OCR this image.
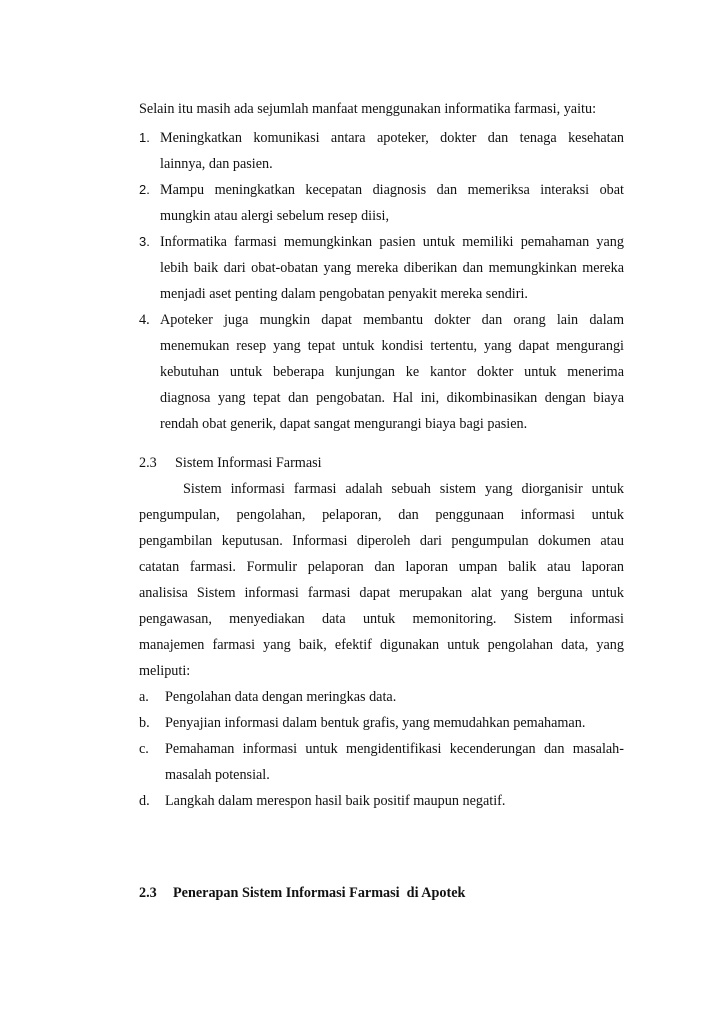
Selain itu masih ada sejumlah manfaat menggunakan informatika farmasi, yaitu:
1. Meningkatkan komunikasi antara apoteker, dokter dan tenaga kesehatan
lainnya, dan pasien.
2. Mampu meningkatkan kecepatan diagnosis dan memeriksa interaksi obat
mungkin atau alergi sebelum resep diisi,
3. Informatika farmasi memungkinkan pasien untuk memiliki pemahaman yang
lebih baik dari obat-obatan yang mereka diberikan dan memungkinkan mereka
menjadi aset penting dalam pengobatan penyakit mereka sendiri.
4. Apoteker juga mungkin dapat membantu dokter dan orang lain dalam
menemukan resep yang tepat untuk kondisi tertentu, yang dapat mengurangi
kebutuhan untuk beberapa kunjungan ke kantor dokter untuk menerima
diagnosa yang tepat dan pengobatan. Hal ini, dikombinasikan dengan biaya
rendah obat generik, dapat sangat mengurangi biaya bagi pasien.
2.3 Sistem Informasi Farmasi
Sistem informasi farmasi adalah sebuah sistem yang diorganisir untuk
pengumpulan, pengolahan, pelaporan, dan penggunaan informasi untuk
pengambilan keputusan. Informasi diperoleh dari pengumpulan dokumen atau
catatan farmasi. Formulir pelaporan dan laporan umpan balik atau laporan
analisisa Sistem informasi farmasi dapat merupakan alat yang berguna untuk
pengawasan, menyediakan data untuk memonitoring. Sistem informasi
manajemen farmasi yang baik, efektif digunakan untuk pengolahan data, yang
meliputi:
a. Pengolahan data dengan meringkas data.
b. Penyajian informasi dalam bentuk grafis, yang memudahkan pemahaman.
c. Pemahaman informasi untuk mengidentifikasi kecenderungan dan masalah-
masalah potensial.
d. Langkah dalam merespon hasil baik positif maupun negatif.
2.3 Penerapan Sistem Informasi Farmasi  di Apotek
